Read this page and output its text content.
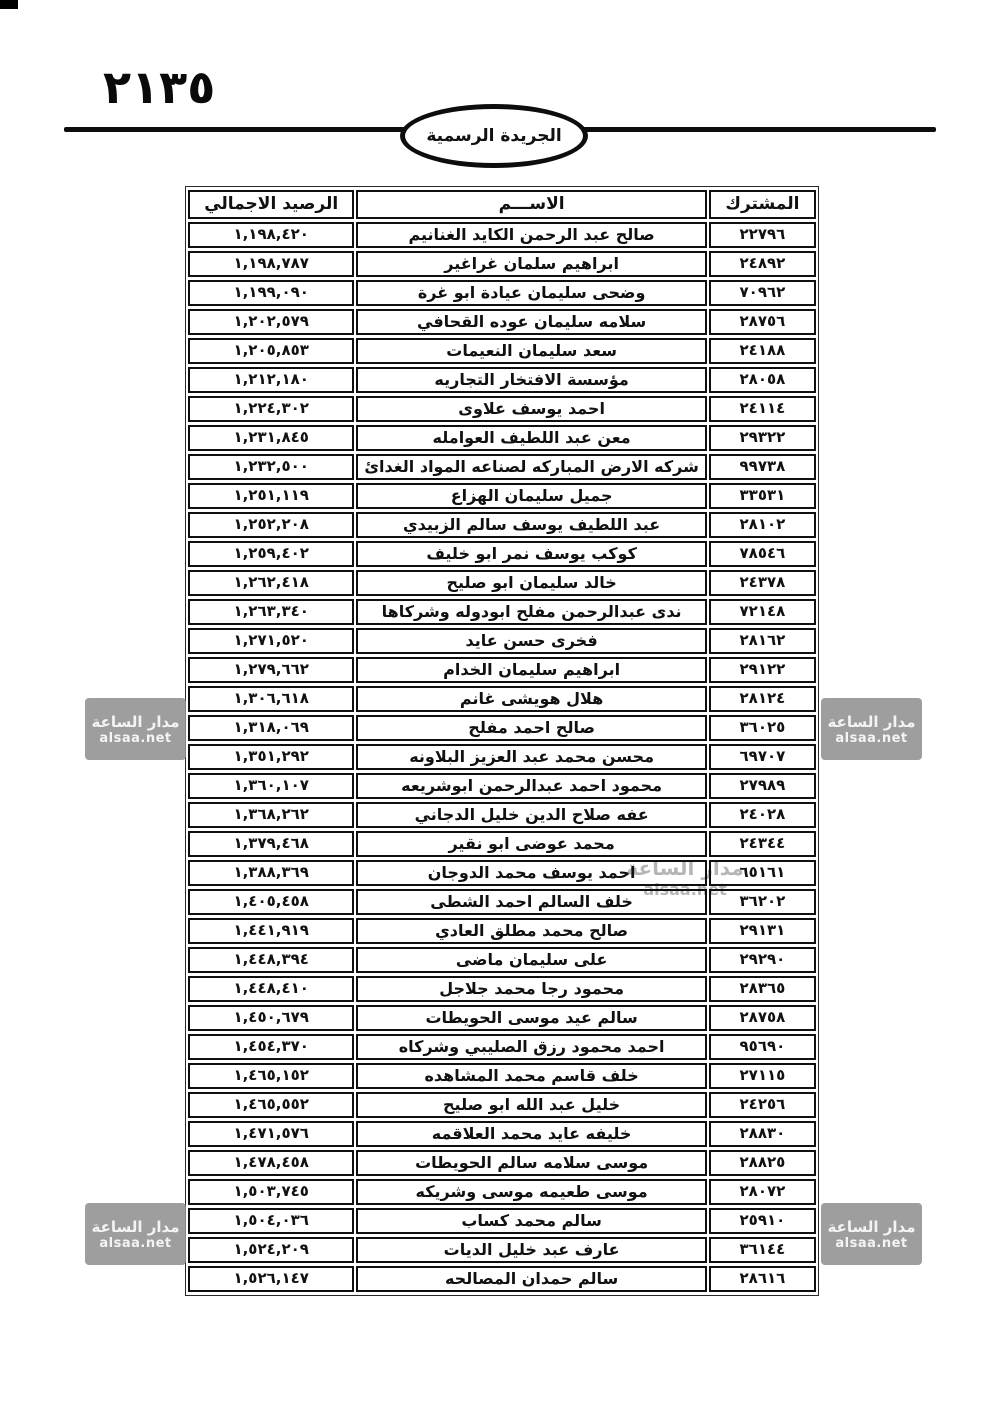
٢١٣٥
الجريدة الرسمية
المشترك	الاســـم	الرصيد الاجمالي
٢٢٧٩٦	صالح عبد الرحمن الكايد الغنانيم	١,١٩٨,٤٢٠
٢٤٨٩٢	ابراهيم سلمان غراغير	١,١٩٨,٧٨٧
٧٠٩٦٢	وضحى سليمان عيادة ابو غرة	١,١٩٩,٠٩٠
٢٨٧٥٦	سلامه سليمان عوده القحافي	١,٢٠٢,٥٧٩
٢٤١٨٨	سعد سليمان النعيمات	١,٢٠٥,٨٥٣
٢٨٠٥٨	مؤسسة الافتخار التجاريه	١,٢١٢,١٨٠
٢٤١١٤	احمد يوسف علاوى	١,٢٢٤,٣٠٢
٢٩٣٢٢	معن عبد اللطيف العوامله	١,٢٣١,٨٤٥
٩٩٧٣٨	شركه الارض المباركه لصناعه المواد الغدائ	١,٢٣٢,٥٠٠
٣٣٥٣١	جميل سليمان الهزاع	١,٢٥١,١١٩
٢٨١٠٢	عبد اللطيف يوسف سالم الزبيدي	١,٢٥٢,٢٠٨
٧٨٥٤٦	كوكب يوسف نمر ابو خليف	١,٢٥٩,٤٠٢
٢٤٣٧٨	خالد سليمان ابو صليح	١,٢٦٢,٤١٨
٧٢١٤٨	ندى عبدالرحمن مفلح ابودوله وشركاها	١,٢٦٣,٣٤٠
٢٨١٦٢	فخرى حسن عايد	١,٢٧١,٥٢٠
٢٩١٢٢	ابراهيم سليمان الخدام	١,٢٧٩,٦٦٢
٢٨١٢٤	هلال هويشى غانم	١,٣٠٦,٦١٨
٣٦٠٢٥	صالح احمد مفلح	١,٣١٨,٠٦٩
٦٩٧٠٧	محسن محمد عبد العزيز البلاونه	١,٣٥١,٢٩٢
٢٧٩٨٩	محمود احمد عبدالرحمن ابوشريعه	١,٣٦٠,١٠٧
٢٤٠٢٨	عفه صلاح الدين خليل الدجاني	١,٣٦٨,٢٦٢
٢٤٣٤٤	محمد عوضى ابو نقير	١,٣٧٩,٤٦٨
٦٥١٦١	احمد يوسف محمد الدوجان	١,٣٨٨,٣٦٩
٣٦٢٠٢	خلف السالم احمد الشطى	١,٤٠٥,٤٥٨
٢٩١٣١	صالح محمد مطلق العادي	١,٤٤١,٩١٩
٢٩٢٩٠	على سليمان ماضى	١,٤٤٨,٣٩٤
٢٨٣٦٥	محمود رجا محمد جلاجل	١,٤٤٨,٤١٠
٢٨٧٥٨	سالم عيد موسى الحويطات	١,٤٥٠,٦٧٩
٩٥٦٩٠	احمد محمود رزق الصليبي وشركاه	١,٤٥٤,٣٧٠
٢٧١١٥	خلف قاسم محمد المشاهده	١,٤٦٥,١٥٢
٢٤٢٥٦	خليل عبد الله ابو صليح	١,٤٦٥,٥٥٢
٢٨٨٣٠	خليفه عايد محمد العلاقمه	١,٤٧١,٥٧٦
٢٨٨٢٥	موسى سلامه سالم الحويطات	١,٤٧٨,٤٥٨
٢٨٠٧٢	موسى طعيمه موسى وشريكه	١,٥٠٣,٧٤٥
٢٥٩١٠	سالم محمد كساب	١,٥٠٤,٠٣٦
٣٦١٤٤	عارف عبد خليل الديات	١,٥٢٤,٢٠٩
٢٨٦١٦	سالم حمدان المصالحه	١,٥٢٦,١٤٧
مدار الساعة
alsaa.net
مدار الساعة
alsaa.net
مدار الساعة
alsaa.net
مدار الساعة
alsaa.net
مدار الساعة
alsaa.net
